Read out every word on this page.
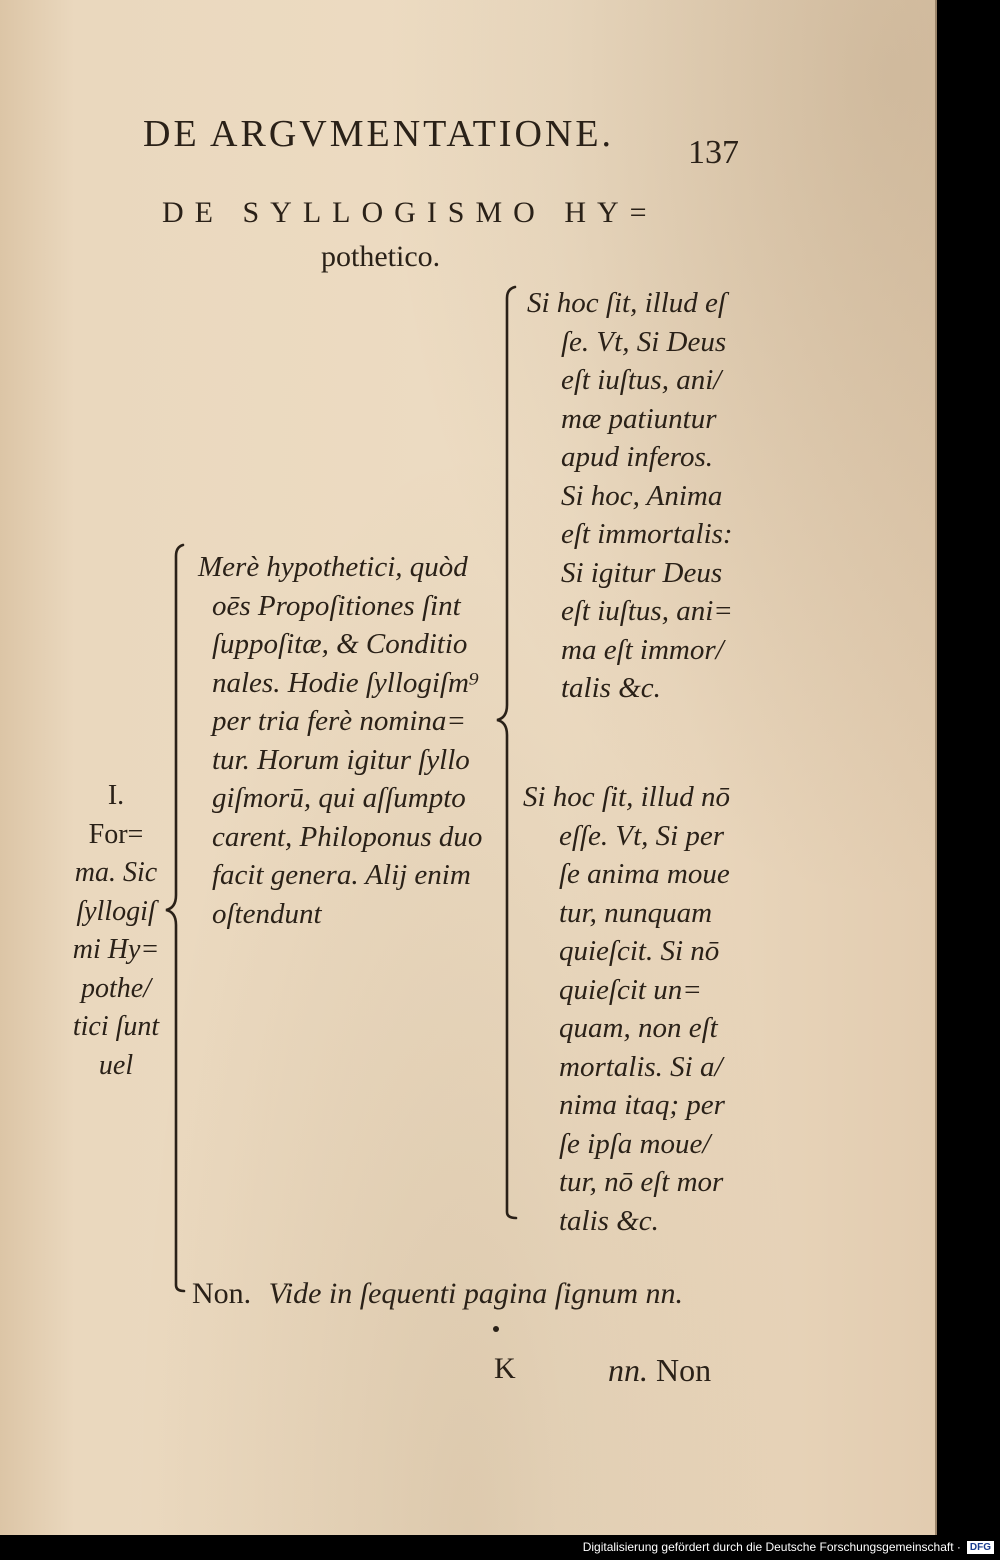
DE ARGVMENTATIONE. 137
DE SYLLOGISMO HY=
pothetico.
I.
For=
ma. Sic
ſyllogiſ
mi Hy=
pothe/
tici ſunt
uel
Merè hypothetici, quòd
oēs Propoſitiones ſint
ſuppoſitæ, & Conditio
nales. Hodie ſyllogiſm⁹
per tria ferè nomina=
tur. Horum igitur ſyllo
giſmorū, qui aſſumpto
carent, Philoponus duo
facit genera. Alij enim
oſtendunt
Si hoc ſit, illud eſ
ſe. Vt, Si Deus
eſt iuſtus, ani/
mæ patiuntur
apud inferos.
Si hoc, Anima
eſt immortalis:
Si igitur Deus
eſt iuſtus, ani=
ma eſt immor/
talis &c.
Si hoc ſit, illud nō
eſſe. Vt, Si per
ſe anima moue
tur, nunquam
quieſcit. Si nō
quieſcit un=
quam, non eſt
mortalis. Si a/
nima itaq; per
ſe ipſa moue/
tur, nō eſt mor
talis &c.
Non. Vide in ſequenti pagina ſignum nn.
K	nn. Non
Digitalisierung gefördert durch die Deutsche Forschungsgemeinschaft · DFG
